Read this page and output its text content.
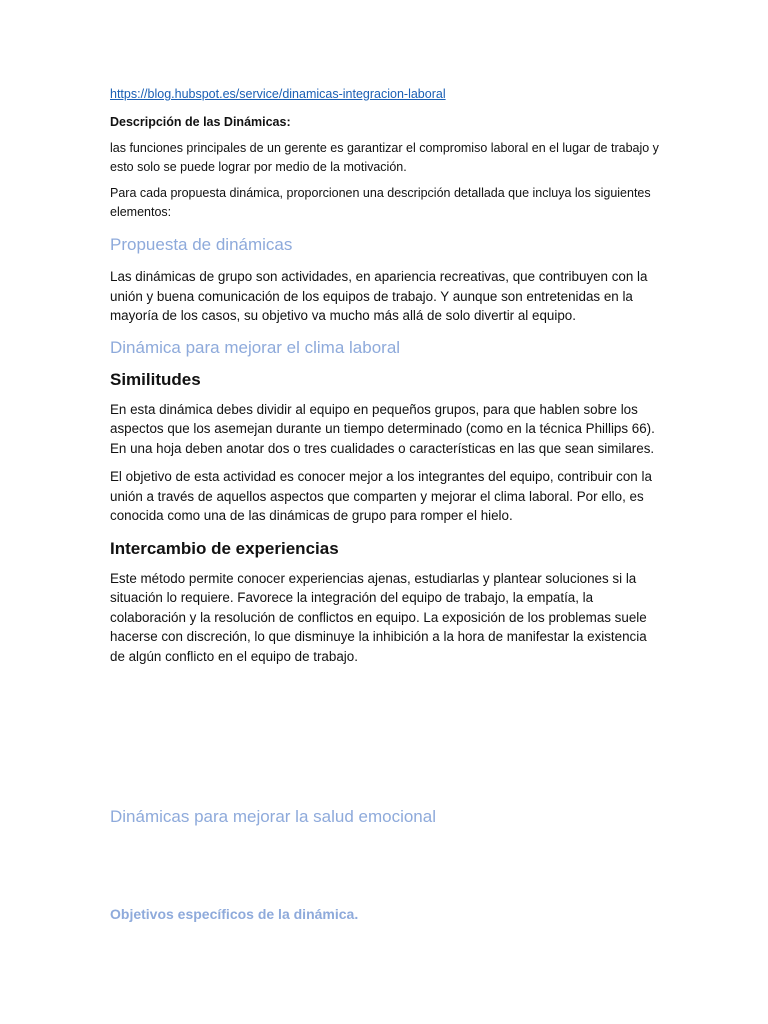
https://blog.hubspot.es/service/dinamicas-integracion-laboral
Descripción de las Dinámicas:

las funciones principales de un gerente es garantizar el compromiso laboral en el lugar de trabajo y esto solo se puede lograr por medio de la motivación.

Para cada propuesta dinámica, proporcionen una descripción detallada que incluya los siguientes elementos:

Propuesta de dinámicas

Las dinámicas de grupo son actividades, en apariencia recreativas, que contribuyen con la unión y buena comunicación de los equipos de trabajo. Y aunque son entretenidas en la mayoría de los casos, su objetivo va mucho más allá de solo divertir al equipo.

Dinámica para mejorar el clima laboral
Similitudes

En esta dinámica debes dividir al equipo en pequeños grupos, para que hablen sobre los aspectos que los asemejan durante un tiempo determinado (como en la técnica Phillips 66). En una hoja deben anotar dos o tres cualidades o características en las que sean similares.

El objetivo de esta actividad es conocer mejor a los integrantes del equipo, contribuir con la unión a través de aquellos aspectos que comparten y mejorar el clima laboral. Por ello, es conocida como una de las dinámicas de grupo para romper el hielo.

Intercambio de experiencias

Este método permite conocer experiencias ajenas, estudiarlas y plantear soluciones si la situación lo requiere. Favorece la integración del equipo de trabajo, la empatía, la colaboración y la resolución de conflictos en equipo. La exposición de los problemas suele hacerse con discreción, lo que disminuye la inhibición a la hora de manifestar la existencia de algún conflicto en el equipo de trabajo.

Dinámicas para mejorar la salud emocional
Objetivos específicos de la dinámica.
